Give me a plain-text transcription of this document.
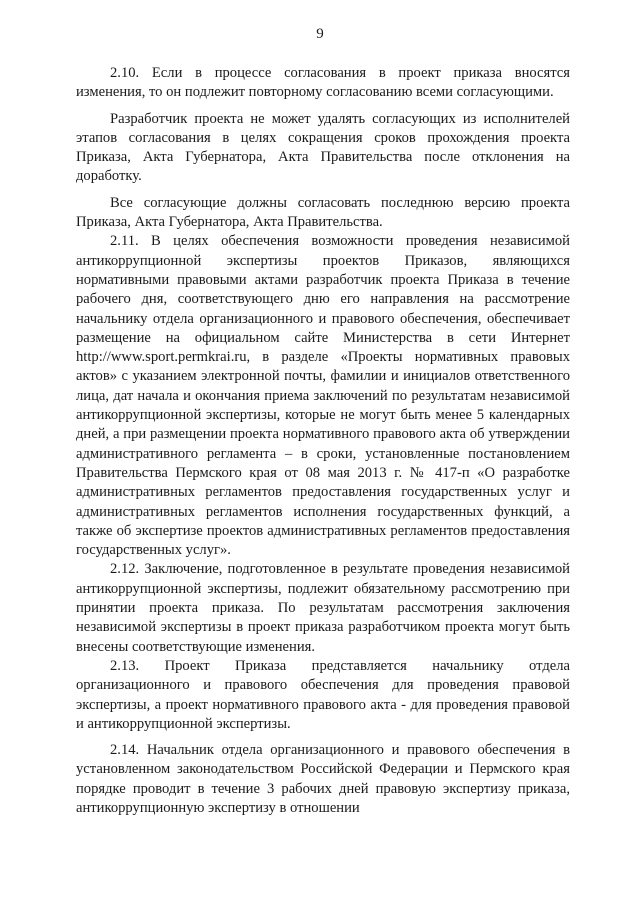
9

2.10. Если в процессе согласования в проект приказа вносятся изменения, то он подлежит повторному согласованию всеми согласующими.

Разработчик проекта не может удалять согласующих из исполнителей этапов согласования в целях сокращения сроков прохождения проекта Приказа, Акта Губернатора, Акта Правительства после отклонения на доработку.

Все согласующие должны согласовать последнюю версию проекта Приказа, Акта Губернатора, Акта Правительства.

2.11. В целях обеспечения возможности проведения независимой антикоррупционной экспертизы проектов Приказов, являющихся нормативными правовыми актами разработчик проекта Приказа в течение рабочего дня, соответствующего дню его направления на рассмотрение начальнику отдела организационного и правового обеспечения, обеспечивает размещение на официальном сайте Министерства в сети Интернет http://www.sport.permkrai.ru, в разделе «Проекты нормативных правовых актов» с указанием электронной почты, фамилии и инициалов ответственного лица, дат начала и окончания приема заключений по результатам независимой антикоррупционной экспертизы, которые не могут быть менее 5 календарных дней, а при размещении проекта нормативного правового акта об утверждении административного регламента – в сроки, установленные постановлением Правительства Пермского края от 08 мая 2013 г. № 417-п «О разработке административных регламентов предоставления государственных услуг и административных регламентов исполнения государственных функций, а также об экспертизе проектов административных регламентов предоставления государственных услуг».

2.12. Заключение, подготовленное в результате проведения независимой антикоррупционной экспертизы, подлежит обязательному рассмотрению при принятии проекта приказа. По результатам рассмотрения заключения независимой экспертизы в проект приказа разработчиком проекта могут быть внесены соответствующие изменения.

2.13. Проект Приказа представляется начальнику отдела организационного и правового обеспечения для проведения правовой экспертизы, а проект нормативного правового акта - для проведения правовой и антикоррупционной экспертизы.

2.14. Начальник отдела организационного и правового обеспечения в установленном законодательством Российской Федерации и Пермского края порядке проводит в течение 3 рабочих дней правовую экспертизу приказа, антикоррупционную экспертизу в отношении
